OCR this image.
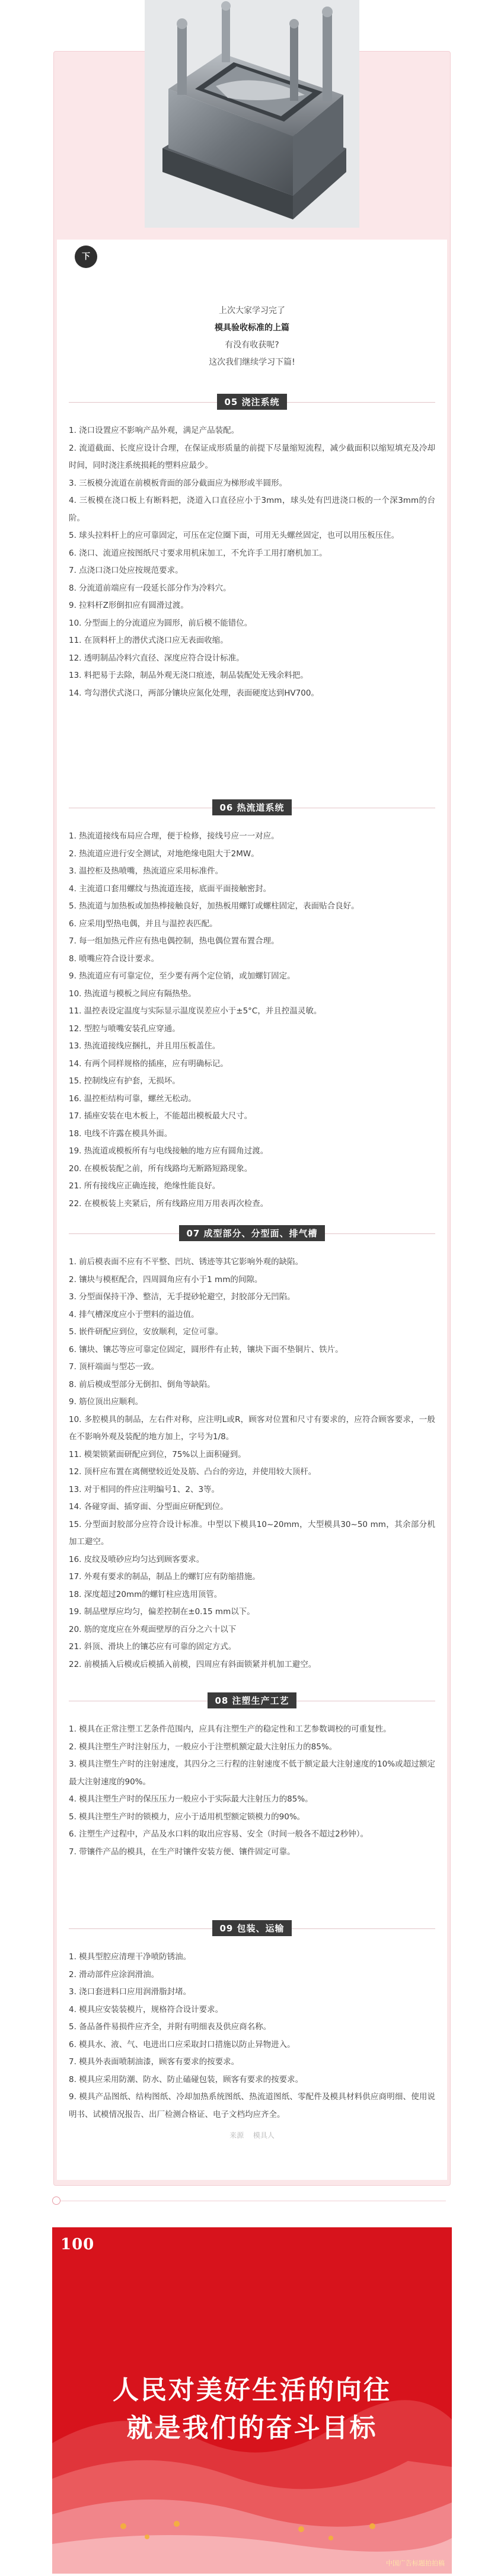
下

上次大家学习完了

模具验收标准的上篇

有没有收获呢?

这次我们继续学习下篇!

05 浇注系统

1. 浇口设置应不影响产品外观，满足产品装配。

2. 流道截面、长度应设计合理，在保证成形质量的前提下尽量缩短流程，减少截面积以缩短填充及冷却时间，同时浇注系统损耗的塑料应最少。

3. 三板模分流道在前模板背面的部分截面应为梯形或半圆形。

4. 三板模在浇口板上有断料把，浇道入口直径应小于3mm，球头处有凹进浇口板的一个深3mm的台阶。

5. 球头拉料杆上的应可靠固定，可压在定位圈下面，可用无头螺丝固定，也可以用压板压住。

6. 浇口、流道应按图纸尺寸要求用机床加工，不允许手工用打磨机加工。

7. 点浇口浇口处应按规范要求。

8. 分流道前端应有一段延长部分作为冷料穴。

9. 拉料杆Z形倒扣应有圆滑过渡。

10. 分型面上的分流道应为圆形，前后模不能错位。

11. 在顶料杆上的潜伏式浇口应无表面收缩。

12. 透明制品冷料穴直径、深度应符合设计标准。

13. 料把易于去除，制品外观无浇口痕迹，制品装配处无残余料把。

14. 弯勾潜伏式浇口，两部分镶块应氮化处理，表面硬度达到HV700。

06 热流道系统

1. 热流道接线布局应合理，便于检修，接线号应一一对应。

2. 热流道应进行安全测试，对地绝缘电阻大于2MW。

3. 温控柜及热喷嘴，热流道应采用标准件。

4. 主流道口套用螺纹与热流道连接，底面平面接触密封。

5. 热流道与加热板或加热棒接触良好，加热板用螺钉或螺柱固定，表面贴合良好。

6. 应采用J型热电偶，并且与温控表匹配。

7. 每一组加热元件应有热电偶控制，热电偶位置布置合理。

8. 喷嘴应符合设计要求。

9. 热流道应有可靠定位，至少要有两个定位销，或加螺钉固定。

10. 热流道与模板之间应有隔热垫。

11. 温控表设定温度与实际显示温度误差应小于±5°C，并且控温灵敏。

12. 型腔与喷嘴安装孔应穿通。

13. 热流道接线应捆扎，并且用压板盖住。

14. 有两个同样规格的插座，应有明确标记。

15. 控制线应有护套，无损坏。

16. 温控柜结构可靠，螺丝无松动。

17. 插座安装在电木板上，不能超出模板最大尺寸。

18. 电线不许露在模具外面。

19. 热流道或模板所有与电线接触的地方应有圆角过渡。

20. 在模板装配之前，所有线路均无断路短路现象。

21. 所有接线应正确连接，绝缘性能良好。

22. 在模板装上夹紧后，所有线路应用万用表再次检查。

07 成型部分、分型面、排气槽

1. 前后模表面不应有不平整、凹坑、锈迹等其它影响外观的缺陷。

2. 镶块与模框配合，四周圆角应有小于1 mm的间隙。

3. 分型面保持干净、整洁，无手提砂轮避空，封胶部分无凹陷。

4. 排气槽深度应小于塑料的溢边值。

5. 嵌件研配应到位，安放顺利，定位可靠。

6. 镶块、镶芯等应可靠定位固定，圆形件有止转，镶块下面不垫铜片、铁片。

7. 顶杆端面与型芯一致。

8. 前后模成型部分无倒扣、倒角等缺陷。

9. 筋位顶出应顺利。

10. 多腔模具的制品，左右件对称，应注明L或R，顾客对位置和尺寸有要求的，应符合顾客要求，一般在不影响外观及装配的地方加上，字号为1/8。

11. 模架锁紧面研配应到位，75%以上面积碰到。

12. 顶杆应布置在离侧壁较近处及筋、凸台的旁边，并使用较大顶杆。

13. 对于相同的件应注明编号1、2、3等。

14. 各碰穿面、插穿面、分型面应研配到位。

15. 分型面封胶部分应符合设计标准。中型以下模具10~20mm，大型模具30~50 mm，其余部分机加工避空。

16. 皮纹及喷砂应均匀达到顾客要求。

17. 外观有要求的制品，制品上的螺钉应有防缩措施。

18. 深度超过20mm的螺钉柱应选用顶管。

19. 制品壁厚应均匀，偏差控制在±0.15 mm以下。

20. 筋的宽度应在外观面壁厚的百分之六十以下

21. 斜顶、滑块上的镶芯应有可靠的固定方式。

22. 前模插入后模或后模插入前模，四周应有斜面锁紧并机加工避空。

08 注塑生产工艺

1. 模具在正常注塑工艺条件范围内，应具有注塑生产的稳定性和工艺参数调校的可重复性。

2. 模具注塑生产时注射压力，一般应小于注塑机额定最大注射压力的85%。

3. 模具注塑生产时的注射速度，其四分之三行程的注射速度不低于额定最大注射速度的10%或超过额定最大注射速度的90%。

4. 模具注塑生产时的保压压力一般应小于实际最大注射压力的85%。

5. 模具注塑生产时的锁模力，应小于适用机型额定锁模力的90%。

6. 注塑生产过程中，产品及水口料的取出应容易、安全（时间一般各不超过2秒钟）。

7. 带镶件产品的模具，在生产时镶件安装方便、镶件固定可靠。

09 包装、运输

1. 模具型腔应清理干净喷防锈油。

2. 滑动部件应涂润滑油。

3. 浇口套进料口应用润滑脂封堵。

4. 模具应安装装模片，规格符合设计要求。

5. 备品备件易损件应齐全，并附有明细表及供应商名称。

6. 模具水、液、气、电进出口应采取封口措施以防止异物进入。

7. 模具外表面喷制油漆，顾客有要求的按要求。

8. 模具应采用防潮、防水、防止磕碰包装，顾客有要求的按要求。

9. 模具产品图纸、结构图纸、冷却加热系统图纸、热流道图纸、零配件及模具材料供应商明细、使用说明书、试模情况报告、出厂检测合格证、电子文档均应齐全。

来源 模具人
100
人民对美好生活的向往
就是我们的奋斗目标
中国广告标题拍拍稿
